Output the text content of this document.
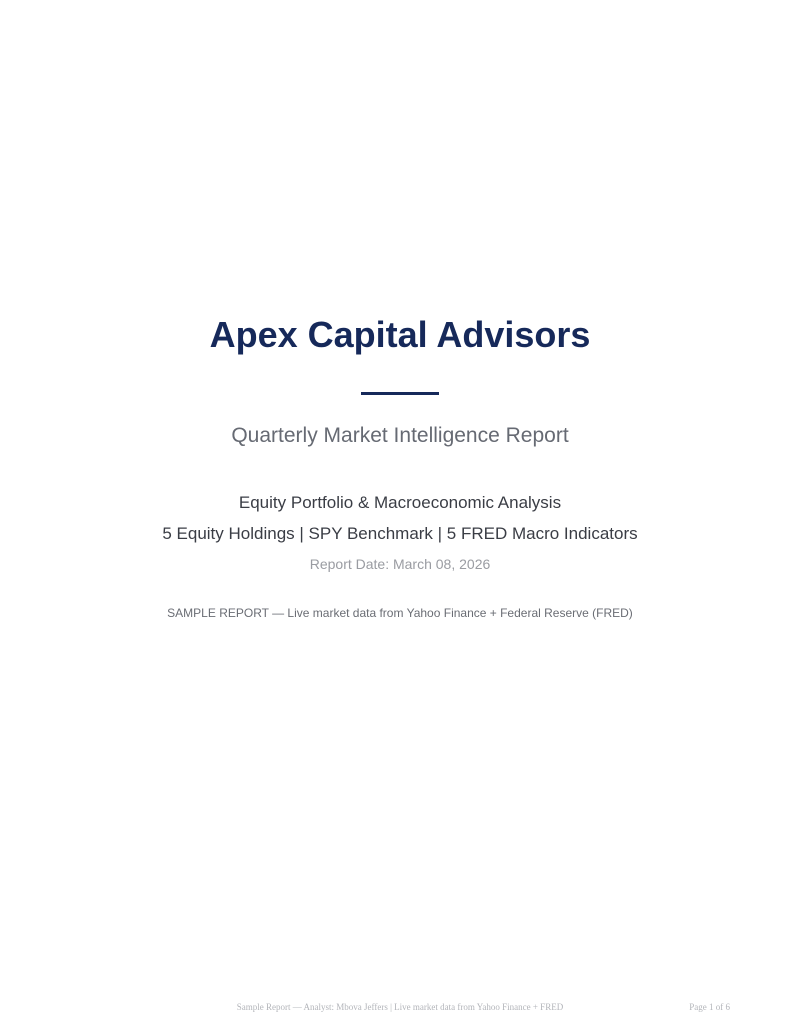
Apex Capital Advisors
Quarterly Market Intelligence Report
Equity Portfolio & Macroeconomic Analysis
5 Equity Holdings | SPY Benchmark | 5 FRED Macro Indicators
Report Date: March 08, 2026
SAMPLE REPORT — Live market data from Yahoo Finance + Federal Reserve (FRED)
Sample Report — Analyst: Mbova Jeffers | Live market data from Yahoo Finance + FRED	Page 1 of 6
